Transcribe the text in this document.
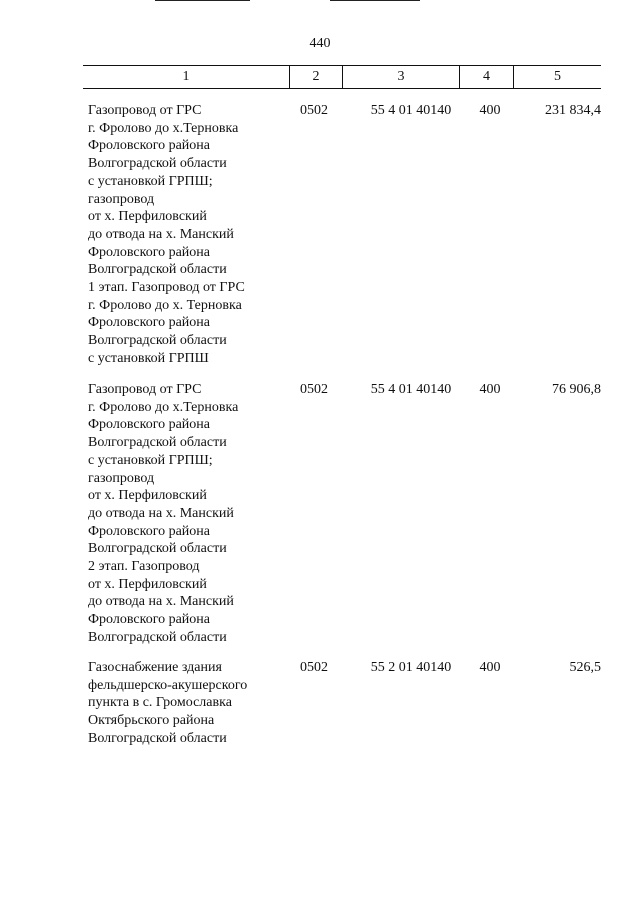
440
1	2	3	4	5
Газопровод от ГРС
г. Фролово до х.Терновка
Фроловского района
Волгоградской области
с установкой ГРПШ;
газопровод
от х. Перфиловский
до отвода на х. Манский
Фроловского района
Волгоградской области
1 этап. Газопровод от ГРС
г. Фролово до х. Терновка
Фроловского района
Волгоградской области
с установкой ГРПШ
0502	55 4 01 40140	400	231 834,4
Газопровод от ГРС
г. Фролово до х.Терновка
Фроловского района
Волгоградской области
с установкой ГРПШ;
газопровод
от х. Перфиловский
до отвода на х. Манский
Фроловского района
Волгоградской области
2 этап. Газопровод
от х. Перфиловский
до отвода на х. Манский
Фроловского района
Волгоградской области
0502	55 4 01 40140	400	76 906,8
Газоснабжение здания
фельдшерско-акушерского
пункта в с. Громославка
Октябрьского района
Волгоградской области
0502	55 2 01 40140	400	526,5
